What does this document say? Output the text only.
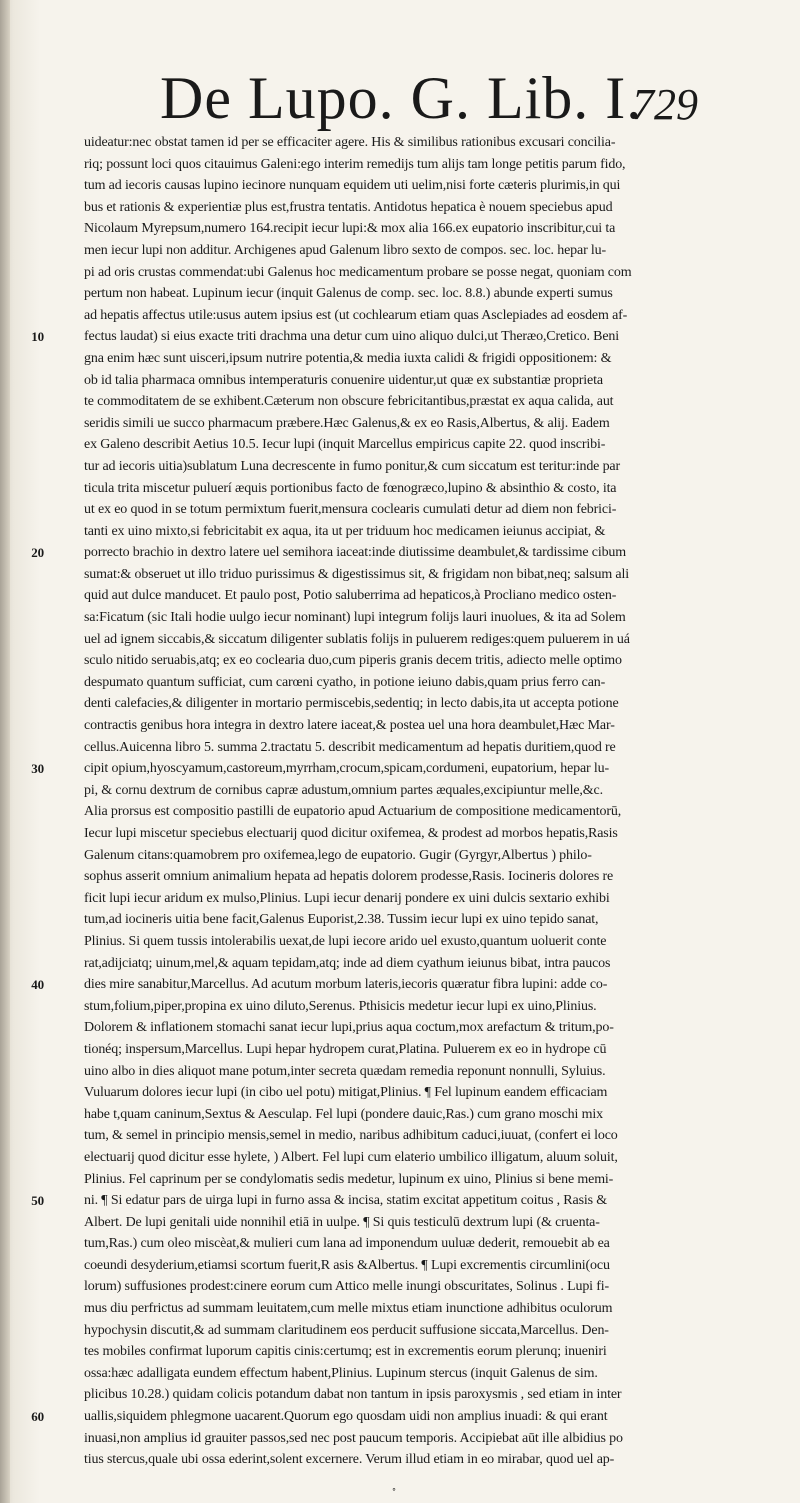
De Lupo. G. Lib. I.
729
uideatur:nec obstat tamen id per se efficaciter agere. His & similibus rationibus excusari concilia-
riq; possunt loci quos citauimus Galeni:ego interim remedijs tum alijs tam longe petitis parum fido,
tum ad iecoris causas lupino iecinore nunquam equidem uti uelim,nisi forte cæteris plurimis,in qui
bus et rationis & experientiæ plus est,frustra tentatis. Antidotus hepatica è nouem speciebus apud
Nicolaum Myrepsum,numero 164.recipit iecur lupi:& mox alia 166.ex eupatorio inscribitur,cui ta
men iecur lupi non additur. Archigenes apud Galenum libro sexto de compos. sec. loc. hepar lu-
pi ad oris crustas commendat:ubi Galenus hoc medicamentum probare se posse negat, quoniam com
pertum non habeat. Lupinum iecur (inquit Galenus de comp. sec. loc. 8.8.) abunde experti sumus
ad hepatis affectus utile:usus autem ipsius est (ut cochlearum etiam quas Asclepiades ad eosdem af-
10	fectus laudat) si eius exacte triti drachma una detur cum uino aliquo dulci,ut Theræo,Cretico. Beni
gna enim hæc sunt uisceri,ipsum nutrire potentia,& media iuxta calidi & frigidi oppositionem: &
ob id talia pharmaca omnibus intemperaturis conuenire uidentur,ut quæ ex substantiæ proprieta
te commoditatem de se exhibent.Cæterum non obscure febricitantibus,præstat ex aqua calida, aut
seridis simili ue succo pharmacum præbere.Hæc Galenus,& ex eo Rasis,Albertus, & alij. Eadem
ex Galeno describit Aetius 10.5. Iecur lupi (inquit Marcellus empiricus capite 22. quod inscribi-
tur ad iecoris uitia)sublatum Luna decrescente in fumo ponitur,& cum siccatum est teritur:inde par
ticula trita miscetur puluerí æquis portionibus facto de fœnogræco,lupino & absinthio & costo, ita
ut ex eo quod in se totum permixtum fuerit,mensura coclearis cumulati detur ad diem non febrici-
tanti ex uino mixto,si febricitabit ex aqua, ita ut per triduum hoc medicamen ieiunus accipiat, &
20	porrecto brachio in dextro latere uel semihora iaceat:inde diutissime deambulet,& tardissime cibum
sumat:& obseruet ut illo triduo purissimus & digestissimus sit, & frigidam non bibat,neq; salsum ali
quid aut dulce manducet. Et paulo post, Potio saluberrima ad hepaticos,à Procliano medico osten-
sa:Ficatum (sic Itali hodie uulgo iecur nominant) lupi integrum folijs lauri inuolues, & ita ad Solem
uel ad ignem siccabis,& siccatum diligenter sublatis folijs in puluerem rediges:quem puluerem in uá
sculo nitido seruabis,atq; ex eo coclearia duo,cum piperis granis decem tritis, adiecto melle optimo
despumato quantum sufficiat, cum carœni cyatho, in potione ieiuno dabis,quam prius ferro can-
denti calefacies,& diligenter in mortario permiscebis,sedentiq; in lecto dabis,ita ut accepta potione
contractis genibus hora integra in dextro latere iaceat,& postea uel una hora deambulet,Hæc Mar-
cellus.Auicenna libro 5. summa 2.tractatu 5. describit medicamentum ad hepatis duritiem,quod re
30	cipit opium,hyoscyamum,castoreum,myrrham,crocum,spicam,cordumeni, eupatorium, hepar lu-
pi, & cornu dextrum de cornibus capræ adustum,omnium partes æquales,excipiuntur melle,&c.
Alia prorsus est compositio pastilli de eupatorio apud Actuarium de compositione medicamentorū,
Iecur lupi miscetur speciebus electuarij quod dicitur oxifemea, & prodest ad morbos hepatis,Rasis
Galenum citans:quamobrem pro oxifemea,lego de eupatorio. Gugir (Gyrgyr,Albertus ) philo-
sophus asserit omnium animalium hepata ad hepatis dolorem prodesse,Rasis. Iocineris dolores re
ficit lupi iecur aridum ex mulso,Plinius. Lupi iecur denarij pondere ex uini dulcis sextario exhibi
tum,ad iocineris uitia bene facit,Galenus Euporist,2.38. Tussim iecur lupi ex uino tepido sanat,
Plinius. Si quem tussis intolerabilis uexat,de lupi iecore arido uel exusto,quantum uoluerit conte
rat,adijciatq; uinum,mel,& aquam tepidam,atq; inde ad diem cyathum ieiunus bibat, intra paucos
40	dies mire sanabitur,Marcellus. Ad acutum morbum lateris,iecoris quæratur fibra lupini: adde co-
stum,folium,piper,propina ex uino diluto,Serenus. Pthisicis medetur iecur lupi ex uino,Plinius.
Dolorem & inflationem stomachi sanat iecur lupi,prius aqua coctum,mox arefactum & tritum,po-
tionéq; inspersum,Marcellus. Lupi hepar hydropem curat,Platina. Puluerem ex eo in hydrope cū
uino albo in dies aliquot mane potum,inter secreta quædam remedia reponunt nonnulli, Syluius.
Vuluarum dolores iecur lupi (in cibo uel potu) mitigat,Plinius. ¶ Fel lupinum eandem efficaciam
habe t,quam caninum,Sextus & Aesculap. Fel lupi (pondere dauic,Ras.) cum grano moschi mix
tum, & semel in principio mensis,semel in medio, naribus adhibitum caduci,iuuat, (confert ei loco
electuarij quod dicitur esse hylete, ) Albert. Fel lupi cum elaterio umbilico illigatum, aluum soluit,
Plinius. Fel caprinum per se condylomatis sedis medetur, lupinum ex uino, Plinius si bene memi-
50	ni. ¶ Si edatur pars de uirga lupi in furno assa & incisa, statim excitat appetitum coitus , Rasis &
Albert. De lupi genitali uide nonnihil etiā in uulpe. ¶ Si quis testiculū dextrum lupi (& cruenta-
tum,Ras.) cum oleo miscèat,& mulieri cum lana ad imponendum uuluæ dederit, remouebit ab ea
coeundi desyderium,etiamsi scortum fuerit,R asis &Albertus. ¶ Lupi excrementis circumlini(ocu
lorum) suffusiones prodest:cinere eorum cum Attico melle inungi obscuritates, Solinus . Lupi fi-
mus diu perfrictus ad summam leuitatem,cum melle mixtus etiam inunctione adhibitus oculorum
hypochysin discutit,& ad summam claritudinem eos perducit suffusione siccata,Marcellus. Den-
tes mobiles confirmat luporum capitis cinis:certumq; est in excrementis eorum plerunq; inueniri
ossa:hæc adalligata eundem effectum habent,Plinius. Lupinum stercus (inquit Galenus de sim.
plicibus 10.28.) quidam colicis potandum dabat non tantum in ipsis paroxysmis , sed etiam in inter
60	uallis,siquidem phlegmone uacarent.Quorum ego quosdam uidi non amplius inuadi: & qui erant
inuasi,non amplius id grauiter passos,sed nec post paucum temporis. Accipiebat aūt ille albidius po
tius stercus,quale ubi ossa ederint,solent excernere. Verum illud etiam in eo mirabar, quod uel ap-
°
